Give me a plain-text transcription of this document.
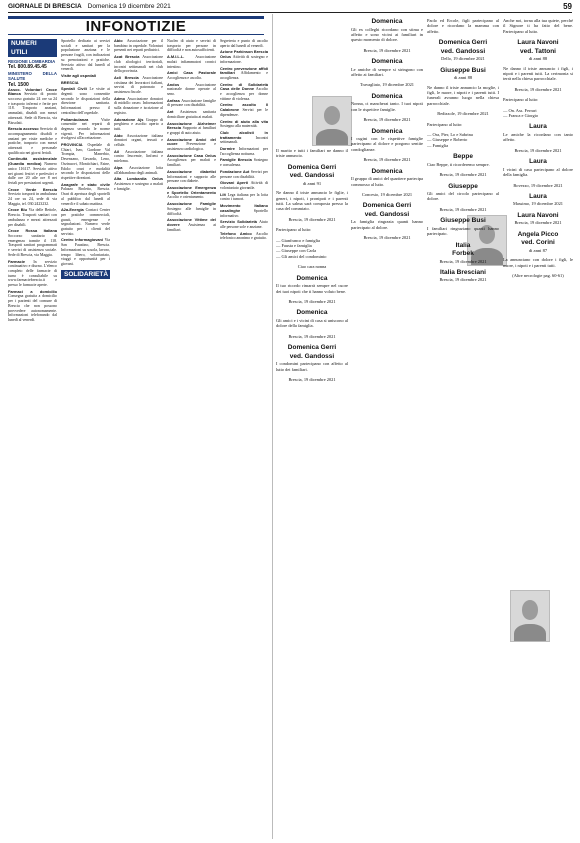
GIORNALE DI BRESCIA Domenica 19 dicembre 2021	59
INFONOTIZIE
NUMERI UTILI
REGIONE LOMBARDIA
Tel. 800.89.45.45
MINISTERO DELLA SALUTE
Tel. 1500
Assoc. Volontari Croce Bianca Servizio di pronto soccorso gratuito 24 ore su 24 e trasporto infermi e ferite per 118. Trasporto anziani, ammalati, disabili con mezzi attrezzati. Sede di Brescia, via Bissolati.
Brescia accesso Servizio di accompagnamento disabili e anziani per visite mediche e pratiche, trasporto con mezzi attrezzati e personale qualificato nei giorni feriali.
Continuità assistenziale (Guardia medica) Numero unico 116117. Servizio attivo nei giorni festivi e prefestivi e dalle ore 20 alle ore 8 nei feriali per prestazioni urgenti.
Croce Verde Brescia Servizio trasporti in ambulanza 24 ore su 24, sede di via Maggia, tel. 030.2423232.
Croce Blu Via delle Bettole, Brescia. Trasporti sanitari con ambulanza e mezzi attrezzati per disabili.
Croce Rossa Italiana Soccorso sanitario di emergenza tramite il 118. Trasporti sanitari programmati e servizi di assistenza sociale. Sede di Brescia, via Maggia.
Farmacie In servizio continuativo e diurno. L'elenco completo delle farmacie di turno è consultabile su www.farmaciebrescia.it e presso le farmacie aperte.
Farmaci a domicilio Consegna gratuita a domicilio per i pazienti del comune di Brescia che non possono provvedere autonomamente. Informazioni telefonando dal lunedì al venerdì.
Sportello dedicato ai servizi sociali e sanitari per la popolazione anziana e le persone fragili, con indicazioni su prenotazioni e pratiche. Servizio attivo dal lunedì al venerdì.
Visite agli ospedali
BRESCIA
Spedali Civili Le visite ai degenti sono consentite secondo le disposizioni della direzione sanitaria. Informazioni presso il centralino dell'ospedale.
Poliambulanza Visite consentite nei reparti di degenza secondo le norme vigenti. Per informazioni rivolgersi all'accettazione.
PROVINCIA Ospedale di Chiari, Iseo, Gardone Val Trompia, Manerbio, Desenzano, Gavardo, Leno, Orzinuovi, Montichiari, Esine, Edolo: orari e modalità secondo le disposizioni delle rispettive direzioni.
Anagrafe e stato civile Palazzo Broletto, Brescia. Orari di apertura degli sportelli al pubblico dal lunedì al venerdì e il sabato mattina.
A2a-Energia Contact Center per pratiche commerciali, guasti, emergenze e segnalazioni. Numero verde gratuito per i clienti del servizio.
Centro Informagiovani Via San Faustino, Brescia. Informazioni su scuola, lavoro, tempo libero, volontariato, viaggi e opportunità per i giovani.
SOLIDARIETÀ
Abio Associazione per il bambino in ospedale. Volontari presenti nei reparti pediatrici.
Acat Brescia Associazione club alcologici territoriali, incontri settimanali nei club della provincia.
Acli Brescia Associazione cristiana dei lavoratori italiani, servizi di patronato e assistenza fiscale.
Admo Associazione donatori di midollo osseo. Informazioni sulla donazione e iscrizione al registro.
Adorazione Ajs Gruppo di preghiera e ascolto aperto a tutti.
Aido Associazione italiana donatori organi, tessuti e cellule.
Ail Associazione italiana contro leucemie, linfomi e mieloma.
Alpa Associazione lotta all'abbandono degli animali.
Alta Lombardia Onlus Assistenza e sostegno a malati e famiglie.
Nucleo di aiuto e servizi di trasporto per persone in difficoltà e non autosufficienti.
A.M.I.L.L. Associazione malati infiammatori cronici intestino.
Amici Casa Pastorale Accoglienza e ascolto.
Andos Associazione nazionale donne operate al seno.
Anfass Associazione famiglie di persone con disabilità.
Ant Assistenza sanitaria domiciliare gratuita ai malati.
Associazione Alzheimer Brescia Supporto ai familiari e gruppi di auto aiuto.
Associazione Amici del cuore Prevenzione e assistenza cardiologica.
Associazione Casa Onlus Accoglienza per malati e familiari.
Associazione diabetici Informazioni e supporto alle persone con diabete.
Associazione Emergenza e Sportello Orientamento Ascolto e orientamento.
Associazione Famiglie Sostegno alle famiglie in difficoltà.
Associazione Vittime del dovere Assistenza ai familiari.
Segreteria e punto di ascolto aperto dal lunedì al venerdì.
Azione Parkinson Brescia Onlus Attività di sostegno e informazione.
Centro prevenzione affidi familiari Affidamento e accoglienza.
Centro di Solidarietà Casa delle Donne Ascolto e accoglienza per donne vittime di violenza.
Centro ascolto Il Calabrone Servizi per le dipendenze.
Centro di aiuto alla vita Sostegno alla maternità.
Club alcolisti in trattamento Incontri settimanali.
Dormire Informazioni per l'accoglienza notturna.
Famiglie Brescia Sostegno e consulenza.
Fondazione Aut Servizi per persone con disabilità.
Giovani Aperti Attività di volontariato giovanile.
Lilt Lega italiana per la lotta contro i tumori.
Movimento Italiano casalinghe Sportello informativo.
Servizio Solidarietà Aiuto alle persone sole e anziane.
Telefono Amico Ascolto telefonico anonimo e gratuito.
Il marito e tutti i familiari ne danno il triste annuncio.
Domenica Gerri
ved. Gandossi
di anni 91
Ne danno il triste annuncio le figlie, i generi, i nipoti, i pronipoti e i parenti tutti. La salma sarà composta presso la casa del commiato.
Brescia, 19 dicembre 2021
Partecipano al lutto:
— Gianfranco e famiglia
— Fausta e famiglia
— Giuseppe con Carla
— Gli amici del condominio
Ciao cara nonna
Domenica
Il tuo ricordo rimarrà sempre nel cuore dei tuoi nipoti che ti hanno voluto bene.
Brescia, 19 dicembre 2021
Domenica
Gli amici e i vicini di casa si uniscono al dolore della famiglia.
Brescia, 19 dicembre 2021
Domenica Gerri
ved. Gandossi
I condomini partecipano con affetto al lutto dei familiari.
Brescia, 19 dicembre 2021
Domenica
Gli ex colleghi ricordano con stima e affetto e sono vicini ai familiari in questo momento di dolore.
Brescia, 19 dicembre 2021
Domenica
Le amiche di sempre si stringono con affetto ai familiari.
Travagliato, 19 dicembre 2021
Domenica
Nonna, ci mancherai tanto. I tuoi nipoti con le rispettive famiglie.
Brescia, 19 dicembre 2021
Domenica
I cugini con le rispettive famiglie partecipano al dolore e porgono sentite condoglianze.
Brescia, 19 dicembre 2021
Domenica
Il gruppo di amici del quartiere partecipa commosso al lutto.
Concesio, 19 dicembre 2021
Domenica Gerri
ved. Gandossi
La famiglia ringrazia quanti hanno partecipato al dolore.
Brescia, 19 dicembre 2021
Paolo ed Ercole, figli partecipano al dolore e ricordano la mamma con affetto.
Domenica Gerri
ved. Gandossi
Dello, 19 dicembre 2021
Giuseppe Busi
di anni 88
Ne danno il triste annuncio la moglie, i figli, le nuore, i nipoti e i parenti tutti. I funerali avranno luogo nella chiesa parrocchiale.
Bedizzole, 19 dicembre 2021
Partecipano al lutto:
— Ora, Pier, Lo e Sabrina
— Giuseppe e Roberto
— Famiglia
Beppe
Ciao Beppe, ti ricorderemo sempre.
Brescia, 19 dicembre 2021
Giuseppe
Gli amici del circolo partecipano al dolore.
Brescia, 19 dicembre 2021
Giuseppe Busi
I familiari ringraziano quanti hanno partecipato.
Italia
Forbek
Brescia, 19 dicembre 2021
Italia Bresciani
Brescia, 19 dicembre 2021
Anche noi, torna alla tua quiete, perché il Signore ti ha fatto del bene. Partecipano al lutto.
Laura Navoni
ved. Tattoni
di anni 88
Ne danno il triste annuncio i figli, i nipoti e i parenti tutti. La cerimonia si terrà nella chiesa parrocchiale.
Brescia, 19 dicembre 2021
Partecipano al lutto:
— On. Ass. Ferrari
— Franca e Giorgio
Laura
Le amiche la ricordano con tanto affetto.
Brescia, 19 dicembre 2021
Laura
I vicini di casa partecipano al dolore della famiglia.
Bovezzo, 19 dicembre 2021
Laura
Massimo, 19 dicembre 2021
Laura Navoni
Brescia, 19 dicembre 2021
Angela Picco
ved. Corini
di anni 87
La annunciano con dolore i figli, le nuore, i nipoti e i parenti tutti.
(Altre necrologie pag. 60-61)
